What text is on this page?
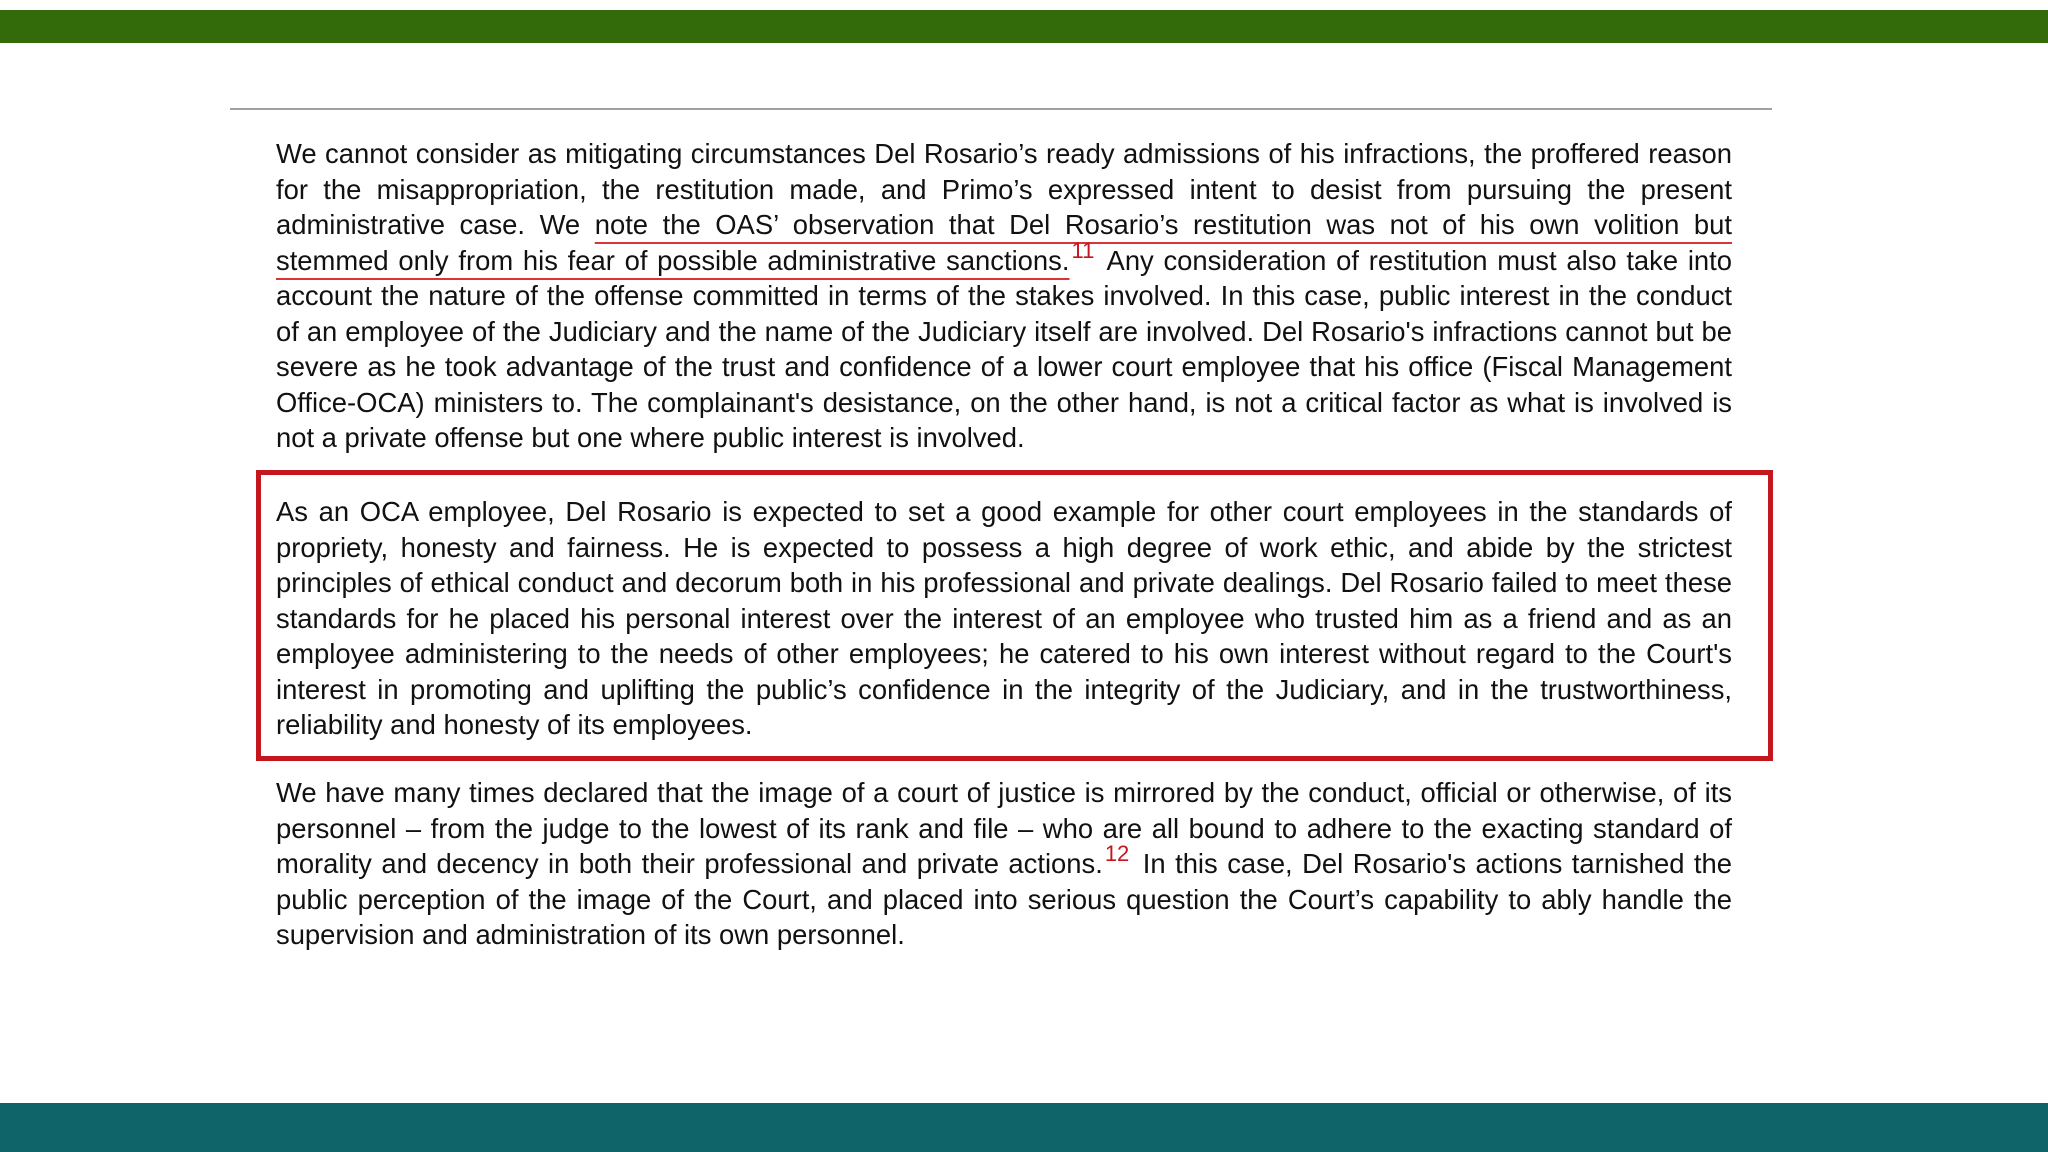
We cannot consider as mitigating circumstances Del Rosario’s ready admissions of his infractions, the proffered reason for the misappropriation, the restitution made, and Primo’s expressed intent to desist from pursuing the present administrative case. We note the OAS’ observation that Del Rosario’s restitution was not of his own volition but stemmed only from his fear of possible administrative sanctions.$^{11}$ Any consideration of restitution must also take into account the nature of the offense committed in terms of the stakes involved. In this case, public interest in the conduct of an employee of the Judiciary and the name of the Judiciary itself are involved. Del Rosario's infractions cannot but be severe as he took advantage of the trust and confidence of a lower court employee that his office (Fiscal Management Office-OCA) ministers to. The complainant's desistance, on the other hand, is not a critical factor as what is involved is not a private offense but one where public interest is involved.

As an OCA employee, Del Rosario is expected to set a good example for other court employees in the standards of propriety, honesty and fairness. He is expected to possess a high degree of work ethic, and abide by the strictest principles of ethical conduct and decorum both in his professional and private dealings. Del Rosario failed to meet these standards for he placed his personal interest over the interest of an employee who trusted him as a friend and as an employee administering to the needs of other employees; he catered to his own interest without regard to the Court's interest in promoting and uplifting the public’s confidence in the integrity of the Judiciary, and in the trustworthiness, reliability and honesty of its employees.

We have many times declared that the image of a court of justice is mirrored by the conduct, official or otherwise, of its personnel – from the judge to the lowest of its rank and file – who are all bound to adhere to the exacting standard of morality and decency in both their professional and private actions.$^{12}$ In this case, Del Rosario's actions tarnished the public perception of the image of the Court, and placed into serious question the Court’s capability to ably handle the supervision and administration of its own personnel.
